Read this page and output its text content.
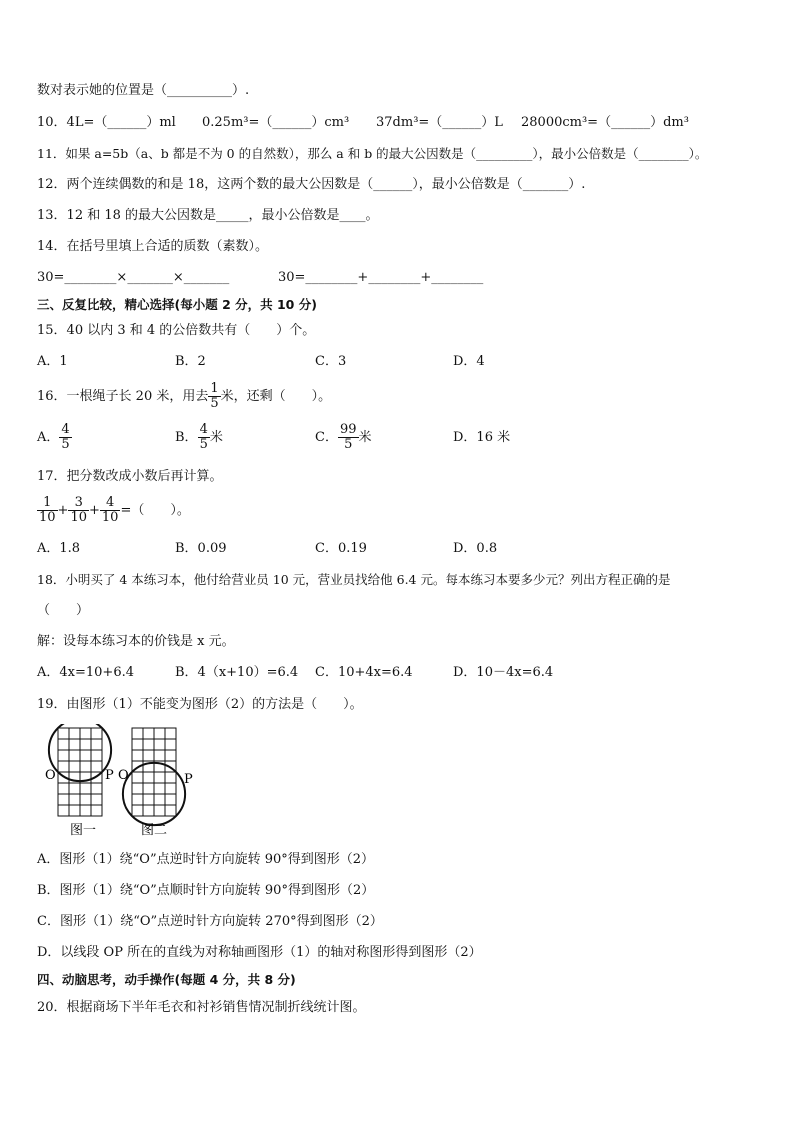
数对表示她的位置是（__________）.
10．4L=（______）ml 0.25m³=（______）cm³ 37dm³=（______）L 28000cm³=（______）dm³
11．如果 a=5b（a、b 都是不为 0 的自然数），那么 a 和 b 的最大公因数是（_________），最小公倍数是（________）。
12．两个连续偶数的和是 18，这两个数的最大公因数是（______），最小公倍数是（_______）.
13．12 和 18 的最大公因数是_____，最小公倍数是____。
14．在括号里填上合适的质数（素数）。
30=________×_______×_______	30=________+________+________
三、反复比较，精心选择(每小题 2 分，共 10 分)
15．40 以内 3 和 4 的公倍数共有（　　）个。
A．1	B．2	C．3	D．4
16．一根绳子长 20 米，用去 $\frac{1}{5}$ 米，还剩（　　）。
A． $\frac{4}{5}$	B． $\frac{4}{5}$ 米	C． $\frac{99}{5}$ 米	D．16 米
17．把分数改成小数后再计算。
$\frac{1}{10} + \frac{3}{10} + \frac{4}{10}$ =（　　）。
A．1.8	B．0.09	C．0.19	D．0.8
18．小明买了 4 本练习本，他付给营业员 10 元，营业员找给他 6.4 元。每本练习本要多少元？列出方程正确的是
（　　）
解：设每本练习本的价钱是 x 元。
A．4x=10+6.4	B．4（x+10）=6.4 C．10+4x=6.4	D．10－4x=6.4
19．由图形（1）不能变为图形（2）的方法是（　　）。
O	P O	P
图一	图二
A．图形（1）绕“O”点逆时针方向旋转 90°得到图形（2）
B．图形（1）绕“O”点顺时针方向旋转 90°得到图形（2）
C．图形（1）绕“O”点逆时针方向旋转 270°得到图形（2）
D．以线段 OP 所在的直线为对称轴画图形（1）的轴对称图形得到图形（2）
四、动脑思考，动手操作(每题 4 分，共 8 分)
20．根据商场下半年毛衣和衬衫销售情况制折线统计图。
